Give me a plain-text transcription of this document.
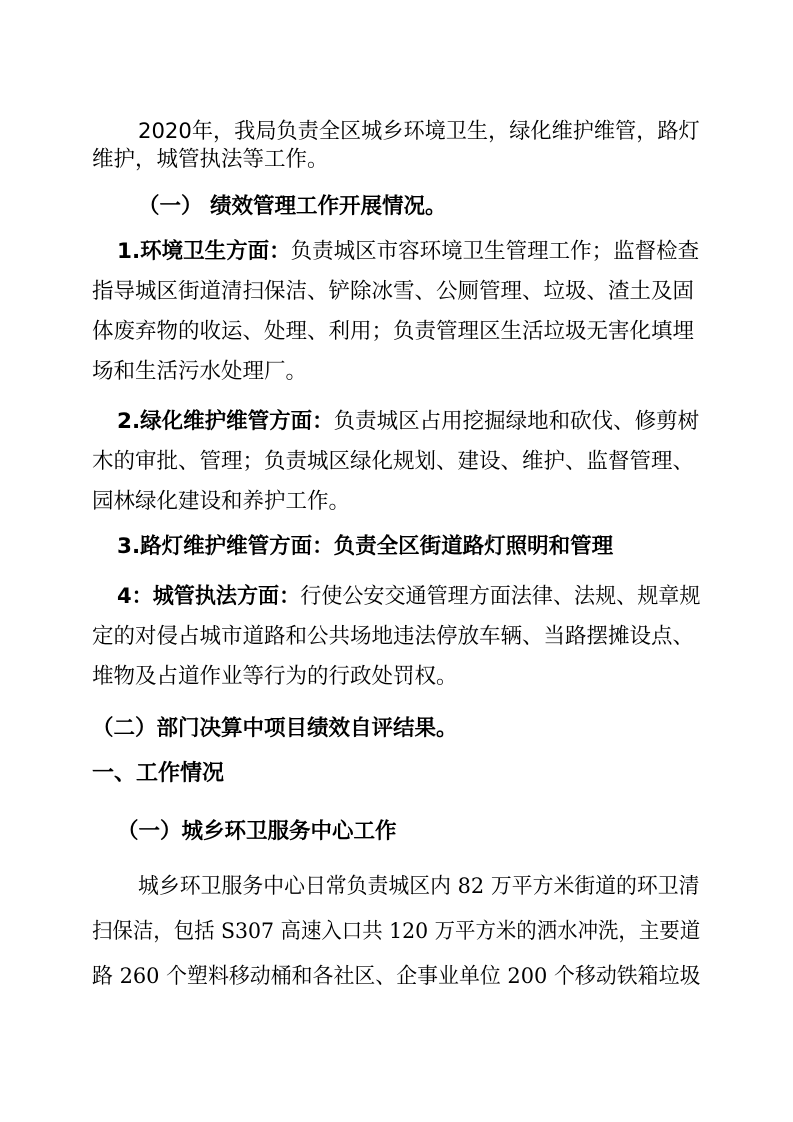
2020年，我局负责全区城乡环境卫生，绿化维护维管，路灯
维护，城管执法等工作。
（一） 绩效管理工作开展情况。
1.环境卫生方面：负责城区市容环境卫生管理工作；监督检查
指导城区街道清扫保洁、铲除冰雪、公厕管理、垃圾、渣土及固
体废弃物的收运、处理、利用；负责管理区生活垃圾无害化填埋
场和生活污水处理厂。
2.绿化维护维管方面：负责城区占用挖掘绿地和砍伐、修剪树
木的审批、管理；负责城区绿化规划、建设、维护、监督管理、
园林绿化建设和养护工作。
3.路灯维护维管方面：负责全区街道路灯照明和管理
4：城管执法方面：行使公安交通管理方面法律、法规、规章规
定的对侵占城市道路和公共场地违法停放车辆、当路摆摊设点、
堆物及占道作业等行为的行政处罚权。
（二）部门决算中项目绩效自评结果。
一、工作情况
（一）城乡环卫服务中心工作
城乡环卫服务中心日常负责城区内 82 万平方米街道的环卫清
扫保洁，包括 S307 高速入口共 120 万平方米的洒水冲洗，主要道
路 260 个塑料移动桶和各社区、企事业单位 200 个移动铁箱垃圾
